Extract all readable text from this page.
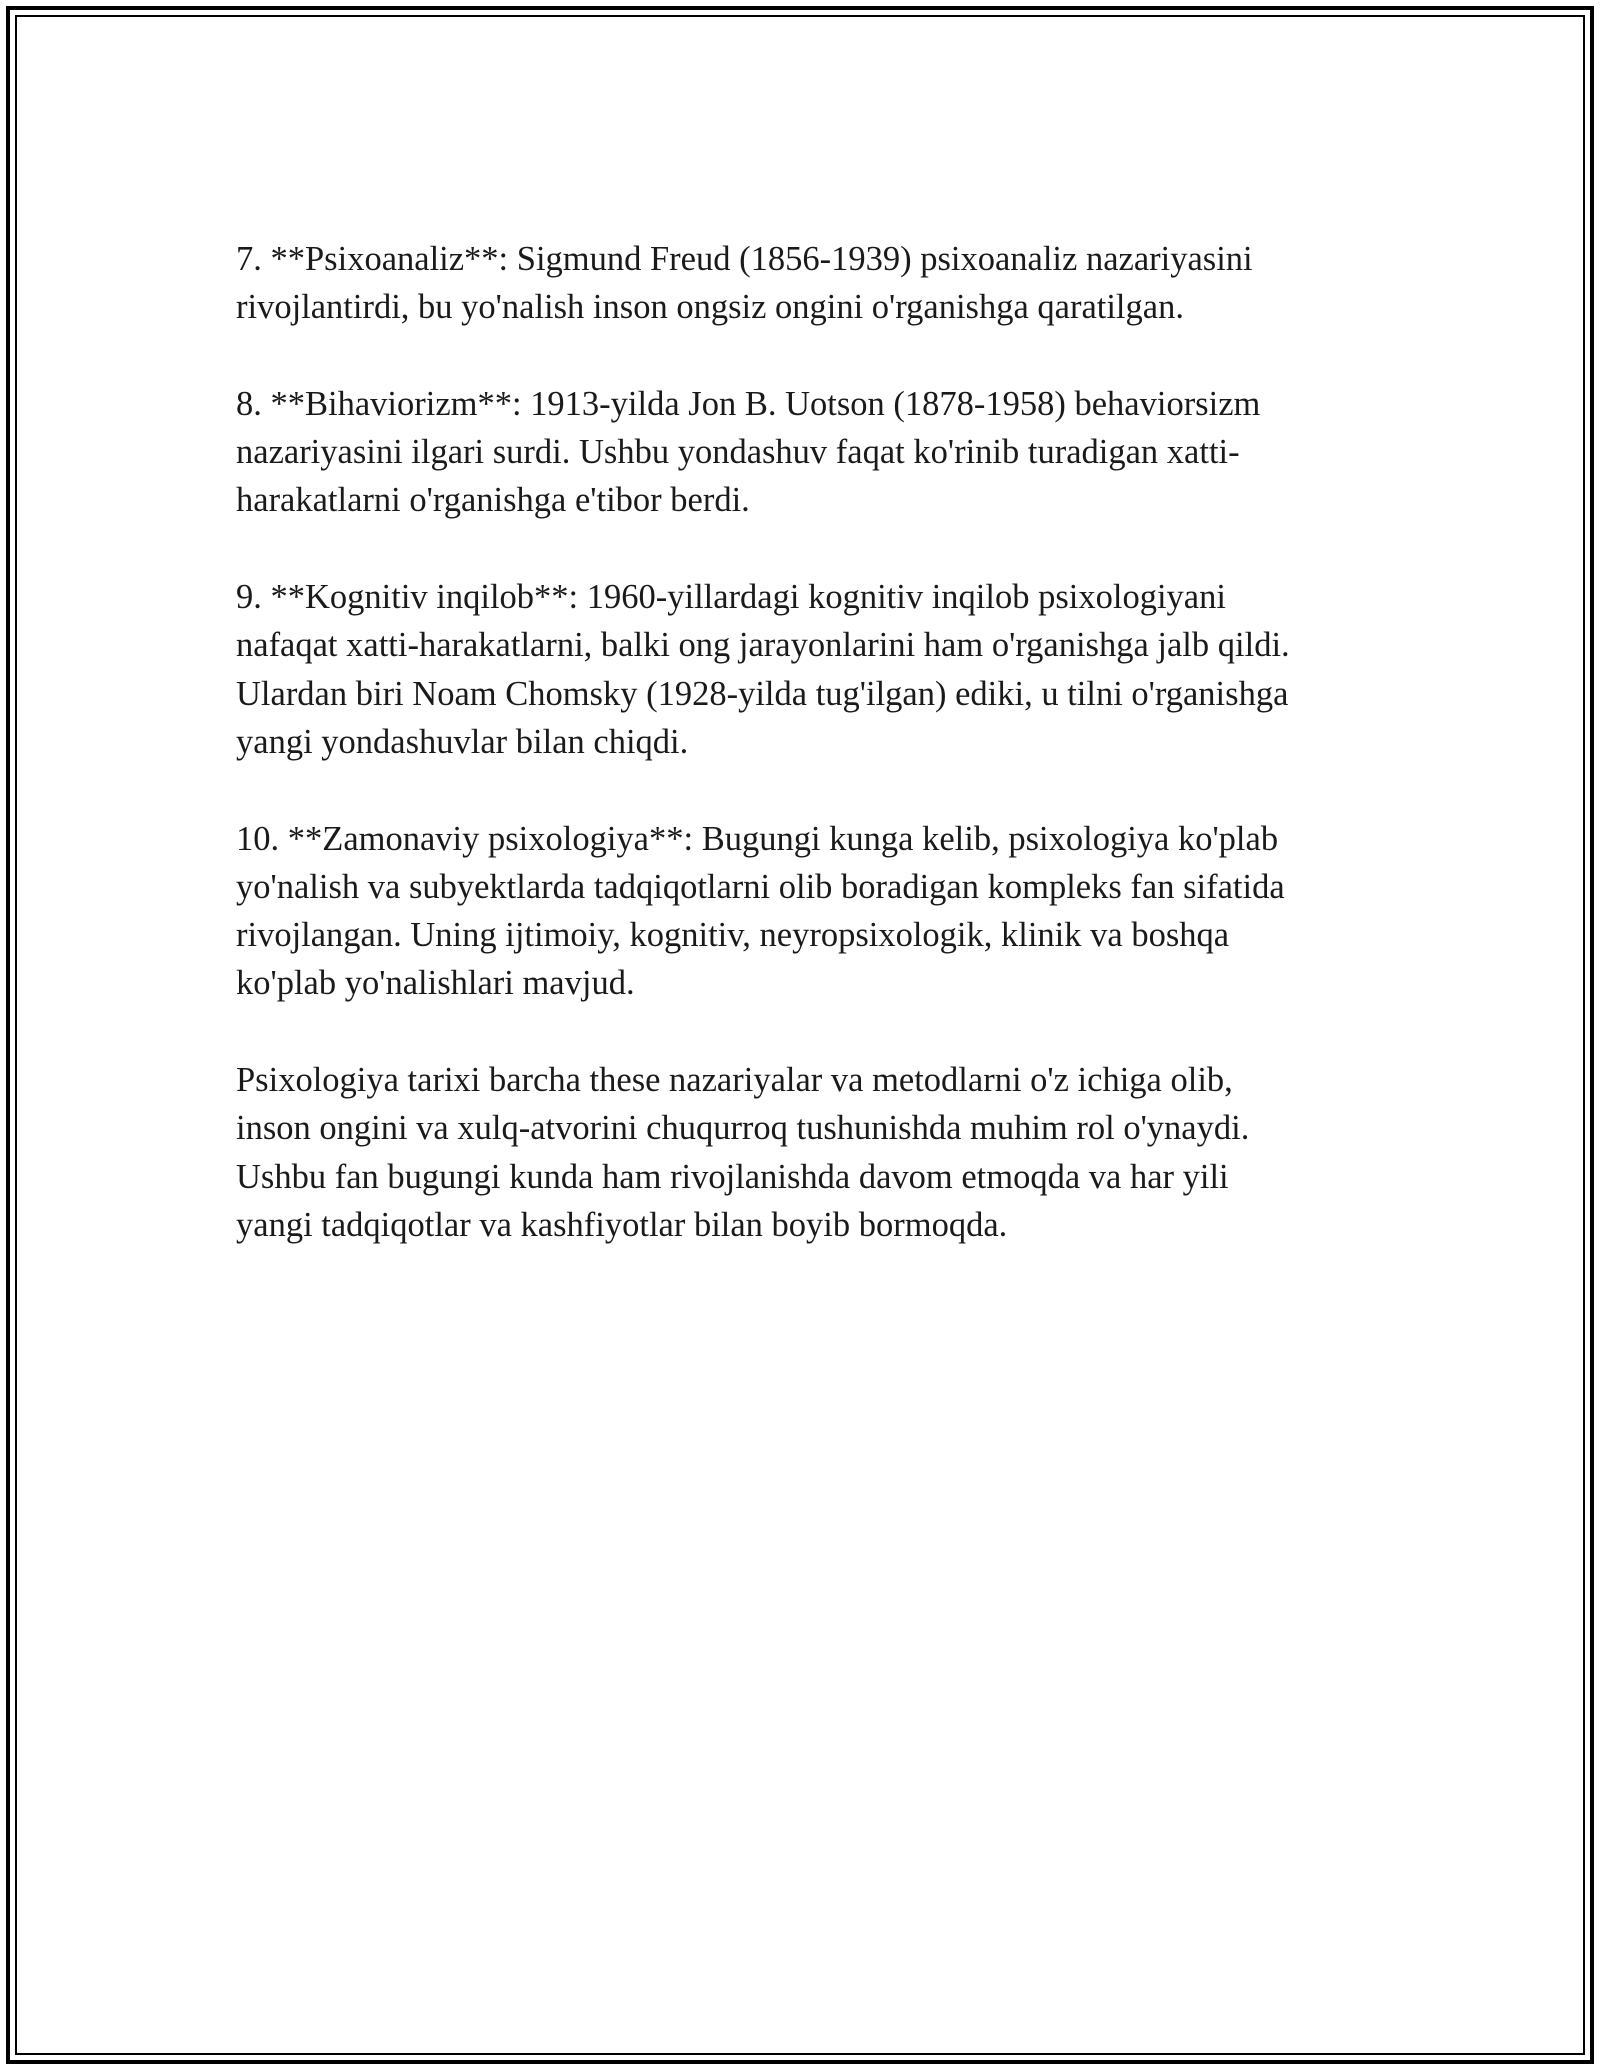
7. **Psixoanaliz**: Sigmund Freud (1856-1939) psixoanaliz nazariyasini
rivojlantirdi, bu yo'nalish inson ongsiz ongini o'rganishga qaratilgan.

8. **Bihaviorizm**: 1913-yilda Jon B. Uotson (1878-1958) behaviorsizm
nazariyasini ilgari surdi. Ushbu yondashuv faqat ko'rinib turadigan xatti-
harakatlarni o'rganishga e'tibor berdi.

9. **Kognitiv inqilob**: 1960-yillardagi kognitiv inqilob psixologiyani
nafaqat xatti-harakatlarni, balki ong jarayonlarini ham o'rganishga jalb qildi.
Ulardan biri Noam Chomsky (1928-yilda tug'ilgan) ediki, u tilni o'rganishga
yangi yondashuvlar bilan chiqdi.

10. **Zamonaviy psixologiya**: Bugungi kunga kelib, psixologiya ko'plab
yo'nalish va subyektlarda tadqiqotlarni olib boradigan kompleks fan sifatida
rivojlangan. Uning ijtimoiy, kognitiv, neyropsixologik, klinik va boshqa
ko'plab yo'nalishlari mavjud.

Psixologiya tarixi barcha these nazariyalar va metodlarni o'z ichiga olib,
inson ongini va xulq-atvorini chuqurroq tushunishda muhim rol o'ynaydi.
Ushbu fan bugungi kunda ham rivojlanishda davom etmoqda va har yili
yangi tadqiqotlar va kashfiyotlar bilan boyib bormoqda.
